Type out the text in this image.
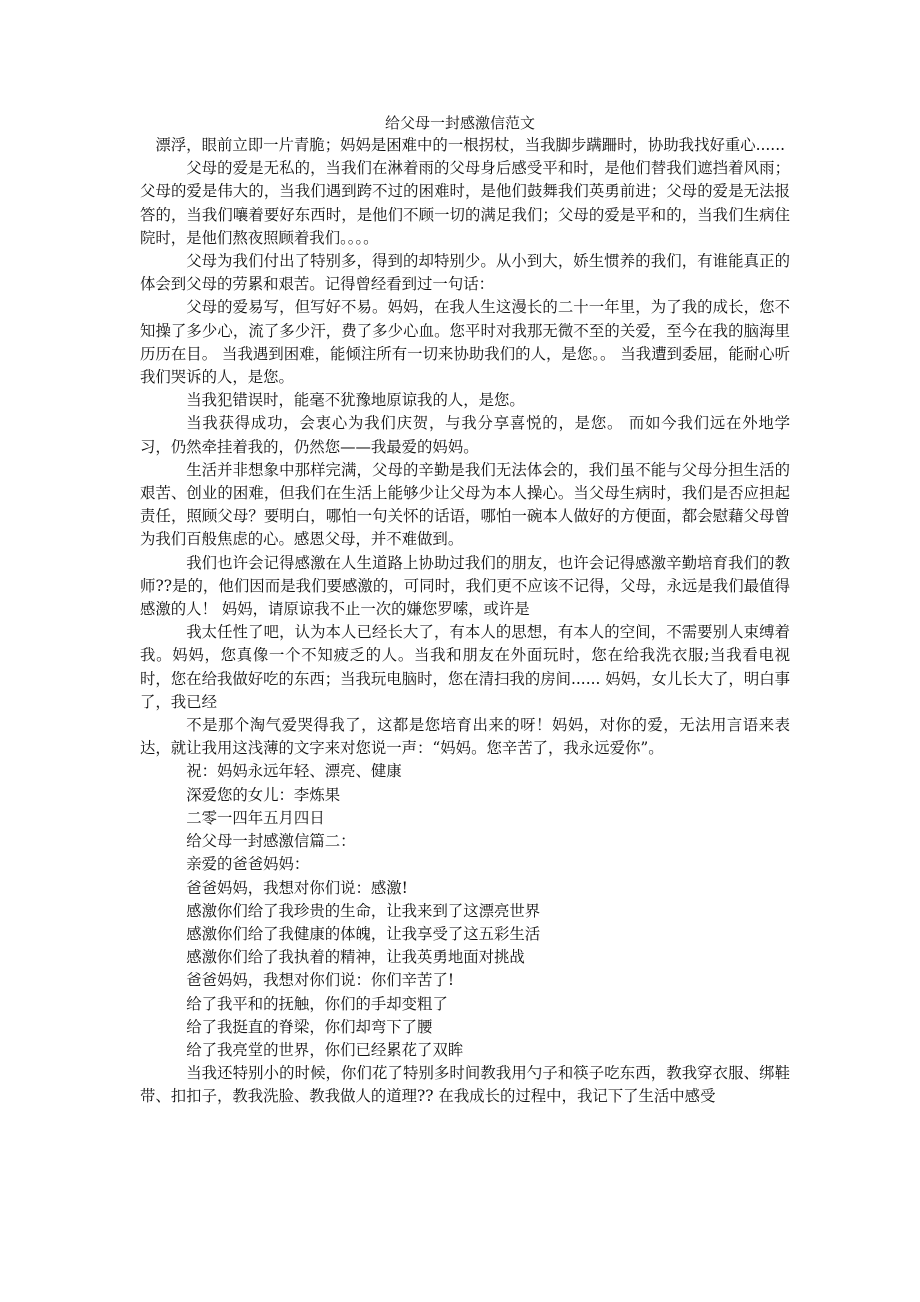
给父母一封感激信范文

漂浮，眼前立即一片青脆；妈妈是困难中的一根拐杖，当我脚步蹒跚时，协助我找好重心......

父母的爱是无私的，当我们在淋着雨的父母身后感受平和时，是他们替我们遮挡着风雨；父母的爱是伟大的，当我们遇到跨不过的困难时，是他们鼓舞我们英勇前进；父母的爱是无法报答的，当我们嚷着要好东西时，是他们不顾一切的满足我们；父母的爱是平和的，当我们生病住院时，是他们熬夜照顾着我们。。。。

父母为我们付出了特别多，得到的却特别少。从小到大，娇生惯养的我们，有谁能真正的体会到父母的劳累和艰苦。记得曾经看到过一句话：

父母的爱易写，但写好不易。妈妈，在我人生这漫长的二十一年里，为了我的成长，您不知操了多少心，流了多少汗，费了多少心血。您平时对我那无微不至的关爱，至今在我的脑海里历历在目。 当我遇到困难，能倾注所有一切来协助我们的人，是您。。 当我遭到委屈，能耐心听我们哭诉的人，是您。

当我犯错误时，能毫不犹豫地原谅我的人，是您。

当我获得成功，会衷心为我们庆贺，与我分享喜悦的，是您。 而如今我们远在外地学习，仍然牵挂着我的，仍然您——我最爱的妈妈。

生活并非想象中那样完满，父母的辛勤是我们无法体会的，我们虽不能与父母分担生活的艰苦、创业的困难，但我们在生活上能够少让父母为本人操心。当父母生病时，我们是否应担起责任，照顾父母？要明白，哪怕一句关怀的话语，哪怕一碗本人做好的方便面，都会慰藉父母曾为我们百般焦虑的心。感恩父母，并不难做到。

我们也许会记得感激在人生道路上协助过我们的朋友，也许会记得感激辛勤培育我们的教师??是的，他们因而是我们要感激的，可同时，我们更不应该不记得，父母，永远是我们最值得感激的人！ 妈妈，请原谅我不止一次的嫌您罗嗦，或许是

我太任性了吧，认为本人已经长大了，有本人的思想，有本人的空间，不需要别人束缚着我。妈妈，您真像一个不知疲乏的人。当我和朋友在外面玩时，您在给我洗衣服;当我看电视时，您在给我做好吃的东西；当我玩电脑时，您在清扫我的房间...... 妈妈，女儿长大了，明白事了，我已经

不是那个淘气爱哭得我了，这都是您培育出来的呀！妈妈，对你的爱，无法用言语来表达，就让我用这浅薄的文字来对您说一声：“妈妈。您辛苦了，我永远爱你”。

祝：妈妈永远年轻、漂亮、健康

深爱您的女儿：李炼果

二零一四年五月四日

给父母一封感激信篇二：

亲爱的爸爸妈妈：

爸爸妈妈，我想对你们说：感激!

感激你们给了我珍贵的生命，让我来到了这漂亮世界

感激你们给了我健康的体魄，让我享受了这五彩生活

感激你们给了我执着的精神，让我英勇地面对挑战

爸爸妈妈，我想对你们说：你们辛苦了!

给了我平和的抚触，你们的手却变粗了

给了我挺直的脊梁，你们却弯下了腰

给了我亮堂的世界，你们已经累花了双眸

当我还特别小的时候，你们花了特别多时间教我用勺子和筷子吃东西，教我穿衣服、绑鞋带、扣扣子，教我洗脸、教我做人的道理?? 在我成长的过程中，我记下了生活中感受
